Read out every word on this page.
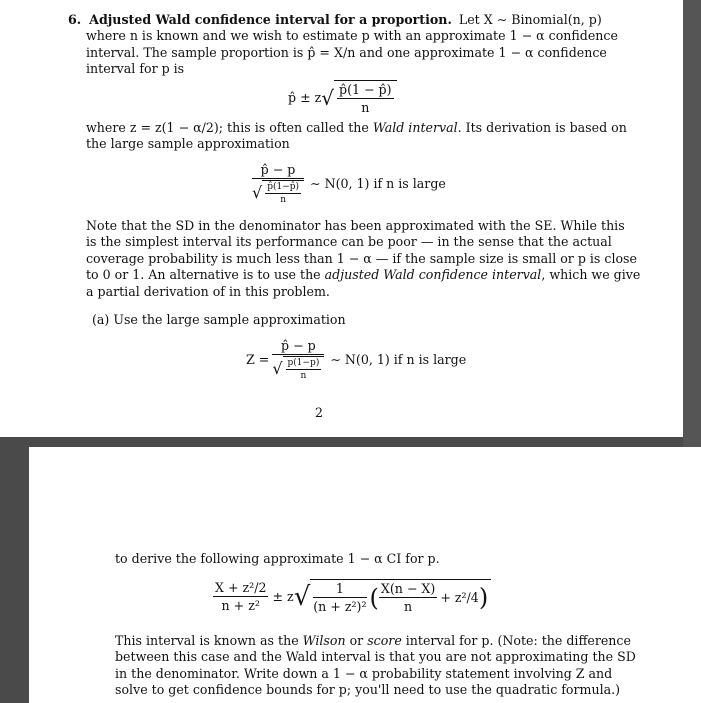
6. Adjusted Wald confidence interval for a proportion. Let X ∼ Binomial(n, p)
where n is known and we wish to estimate p with an approximate 1 − α confidence
interval. The sample proportion is p̂ = X/n and one approximate 1 − α confidence
interval for p is
p̂ ± $z√ \frac{p̂(1 - p̂)}{n}$
where z = z(1 − α/2); this is often called the Wald interval. Its derivation is based on
the large sample approximation
$\frac{p̂ - p}{√ \frac{p̂(1-p̂)}{n}}$ ∼ N(0, 1) if n is large
Note that the SD in the denominator has been approximated with the SE. While this
is the simplest interval its performance can be poor — in the sense that the actual
coverage probability is much less than 1 − α — if the sample size is small or p is close
to 0 or 1. An alternative is to use the adjusted Wald confidence interval, which we give
a partial derivation of in this problem.
(a) Use the large sample approximation
$Z = \frac{p̂ - p}{√ \frac{p(1-p)}{n}}$ ∼ N(0, 1) if n is large
2
to derive the following approximate 1 − α CI for p.
$\frac{\text{X + z²/2}}{\text{n + z²}} \pm z√ \frac{1}{\text{(n + z²)²}}$ ( $\frac{X(n - X)}{n} + z^2/4$)
This interval is known as the Wilson or score interval for p. (Note: the difference
between this case and the Wald interval is that you are not approximating the SD
in the denominator. Write down a 1 − α probability statement involving Z and
solve to get confidence bounds for p; you'll need to use the quadratic formula.)
